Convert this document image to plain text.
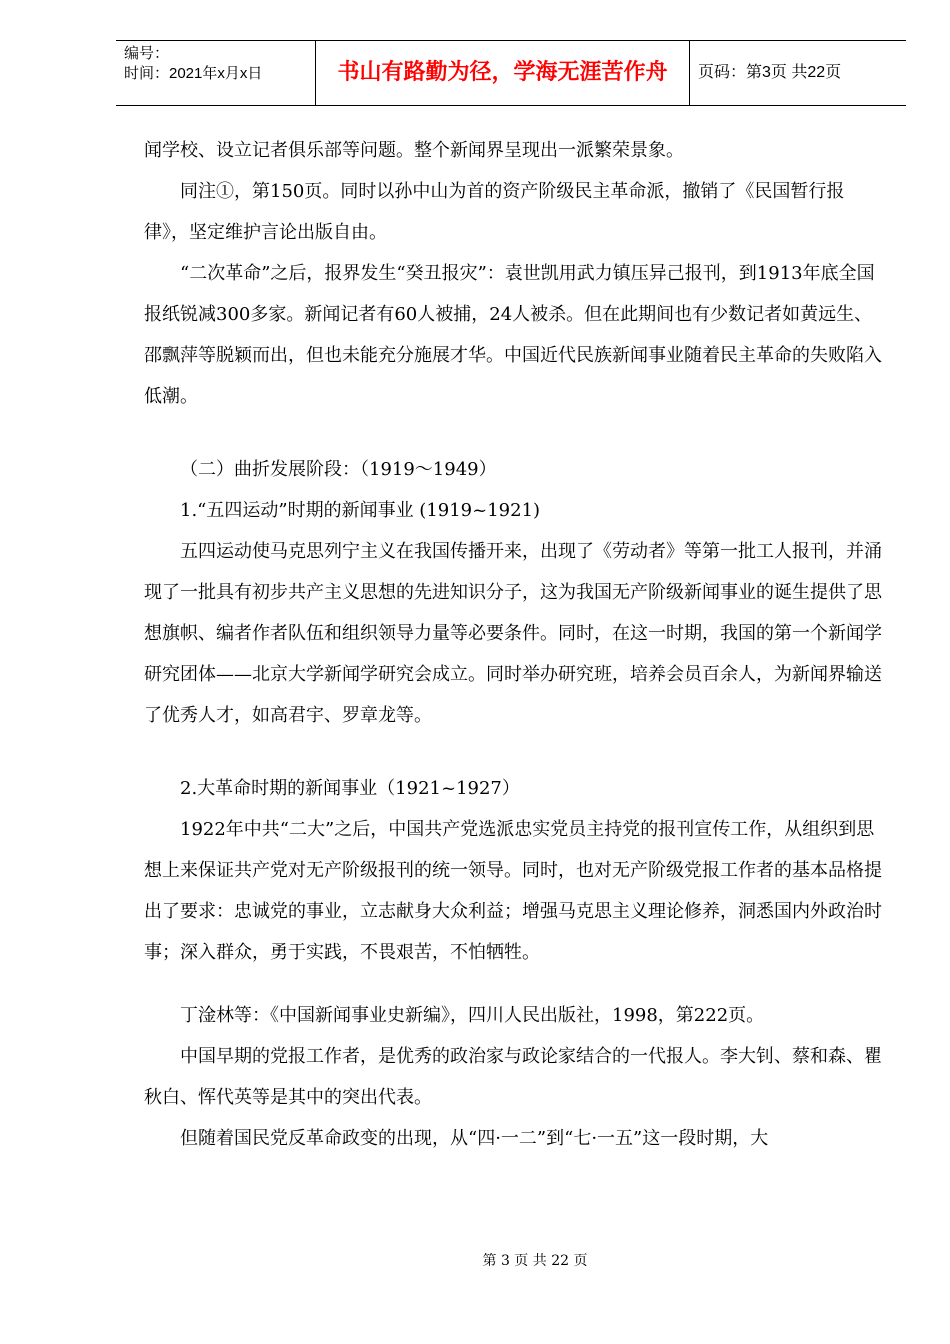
编号：
时间：2021年x月x日	书山有路勤为径，学海无涯苦作舟	页码：第3页 共22页

闻学校、设立记者俱乐部等问题。整个新闻界呈现出一派繁荣景象。

同注①，第150页。同时以孙中山为首的资产阶级民主革命派，撤销了《民国暂行报律》，坚定维护言论出版自由。

“二次革命”之后，报界发生“癸丑报灾”：袁世凯用武力镇压异己报刊，到1913年底全国报纸锐减300多家。新闻记者有60人被捕，24人被杀。但在此期间也有少数记者如黄远生、邵飘萍等脱颖而出，但也未能充分施展才华。中国近代民族新闻事业随着民主革命的失败陷入低潮。

（二）曲折发展阶段：（1919～1949）

1.“五四运动”时期的新闻事业 (1919~1921)

五四运动使马克思列宁主义在我国传播开来，出现了《劳动者》等第一批工人报刊，并涌现了一批具有初步共产主义思想的先进知识分子，这为我国无产阶级新闻事业的诞生提供了思想旗帜、编者作者队伍和组织领导力量等必要条件。同时，在这一时期，我国的第一个新闻学研究团体——北京大学新闻学研究会成立。同时举办研究班，培养会员百余人，为新闻界输送了优秀人才，如高君宇、罗章龙等。

2.大革命时期的新闻事业（1921~1927）

1922年中共“二大”之后，中国共产党选派忠实党员主持党的报刊宣传工作，从组织到思想上来保证共产党对无产阶级报刊的统一领导。同时，也对无产阶级党报工作者的基本品格提出了要求：忠诚党的事业，立志献身大众利益；增强马克思主义理论修养，洞悉国内外政治时事；深入群众，勇于实践，不畏艰苦，不怕牺牲。

丁淦林等：《中国新闻事业史新编》，四川人民出版社，1998，第222页。

中国早期的党报工作者，是优秀的政治家与政论家结合的一代报人。李大钊、蔡和森、瞿秋白、恽代英等是其中的突出代表。

但随着国民党反革命政变的出现，从“四·一二”到“七·一五”这一段时期，大

第 3 页 共 22 页
